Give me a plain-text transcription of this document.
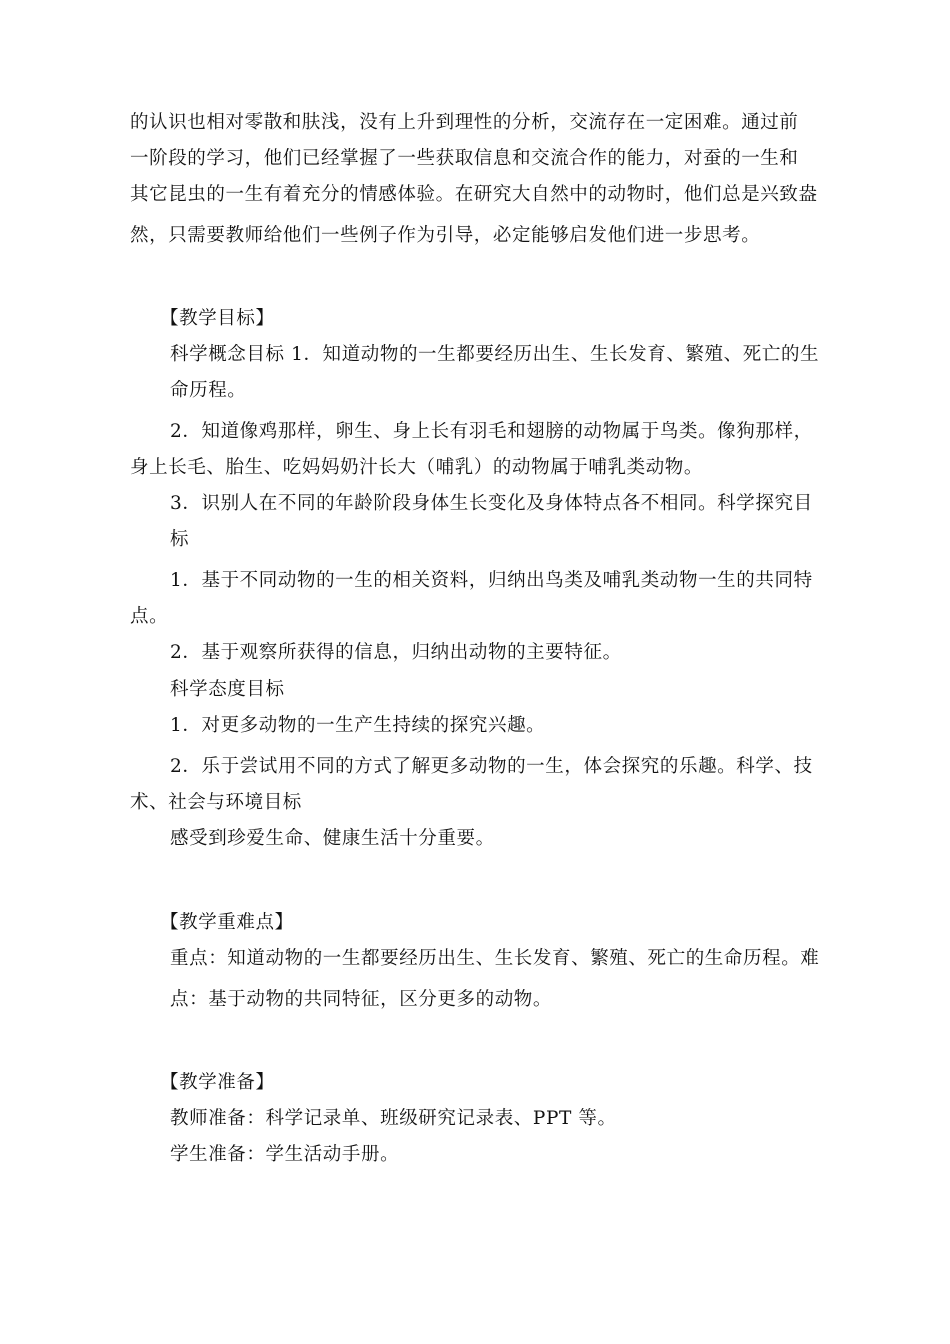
的认识也相对零散和肤浅，没有上升到理性的分析，交流存在一定困难。通过前
一阶段的学习，他们已经掌握了一些获取信息和交流合作的能力，对蚕的一生和
其它昆虫的一生有着充分的情感体验。在研究大自然中的动物时，他们总是兴致盎
然，只需要教师给他们一些例子作为引导，必定能够启发他们进一步思考。
【教学目标】
科学概念目标 1．知道动物的一生都要经历出生、生长发育、繁殖、死亡的生
命历程。
2．知道像鸡那样，卵生、身上长有羽毛和翅膀的动物属于鸟类。像狗那样，
身上长毛、胎生、吃妈妈奶汁长大（哺乳）的动物属于哺乳类动物。
3．识别人在不同的年龄阶段身体生长变化及身体特点各不相同。科学探究目
标
1．基于不同动物的一生的相关资料，归纳出鸟类及哺乳类动物一生的共同特
点。
2．基于观察所获得的信息，归纳出动物的主要特征。
科学态度目标
1．对更多动物的一生产生持续的探究兴趣。
2．乐于尝试用不同的方式了解更多动物的一生，体会探究的乐趣。科学、技
术、社会与环境目标
感受到珍爱生命、健康生活十分重要。
【教学重难点】
重点：知道动物的一生都要经历出生、生长发育、繁殖、死亡的生命历程。难
点：基于动物的共同特征，区分更多的动物。
【教学准备】
教师准备：科学记录单、班级研究记录表、PPT 等。
学生准备：学生活动手册。
